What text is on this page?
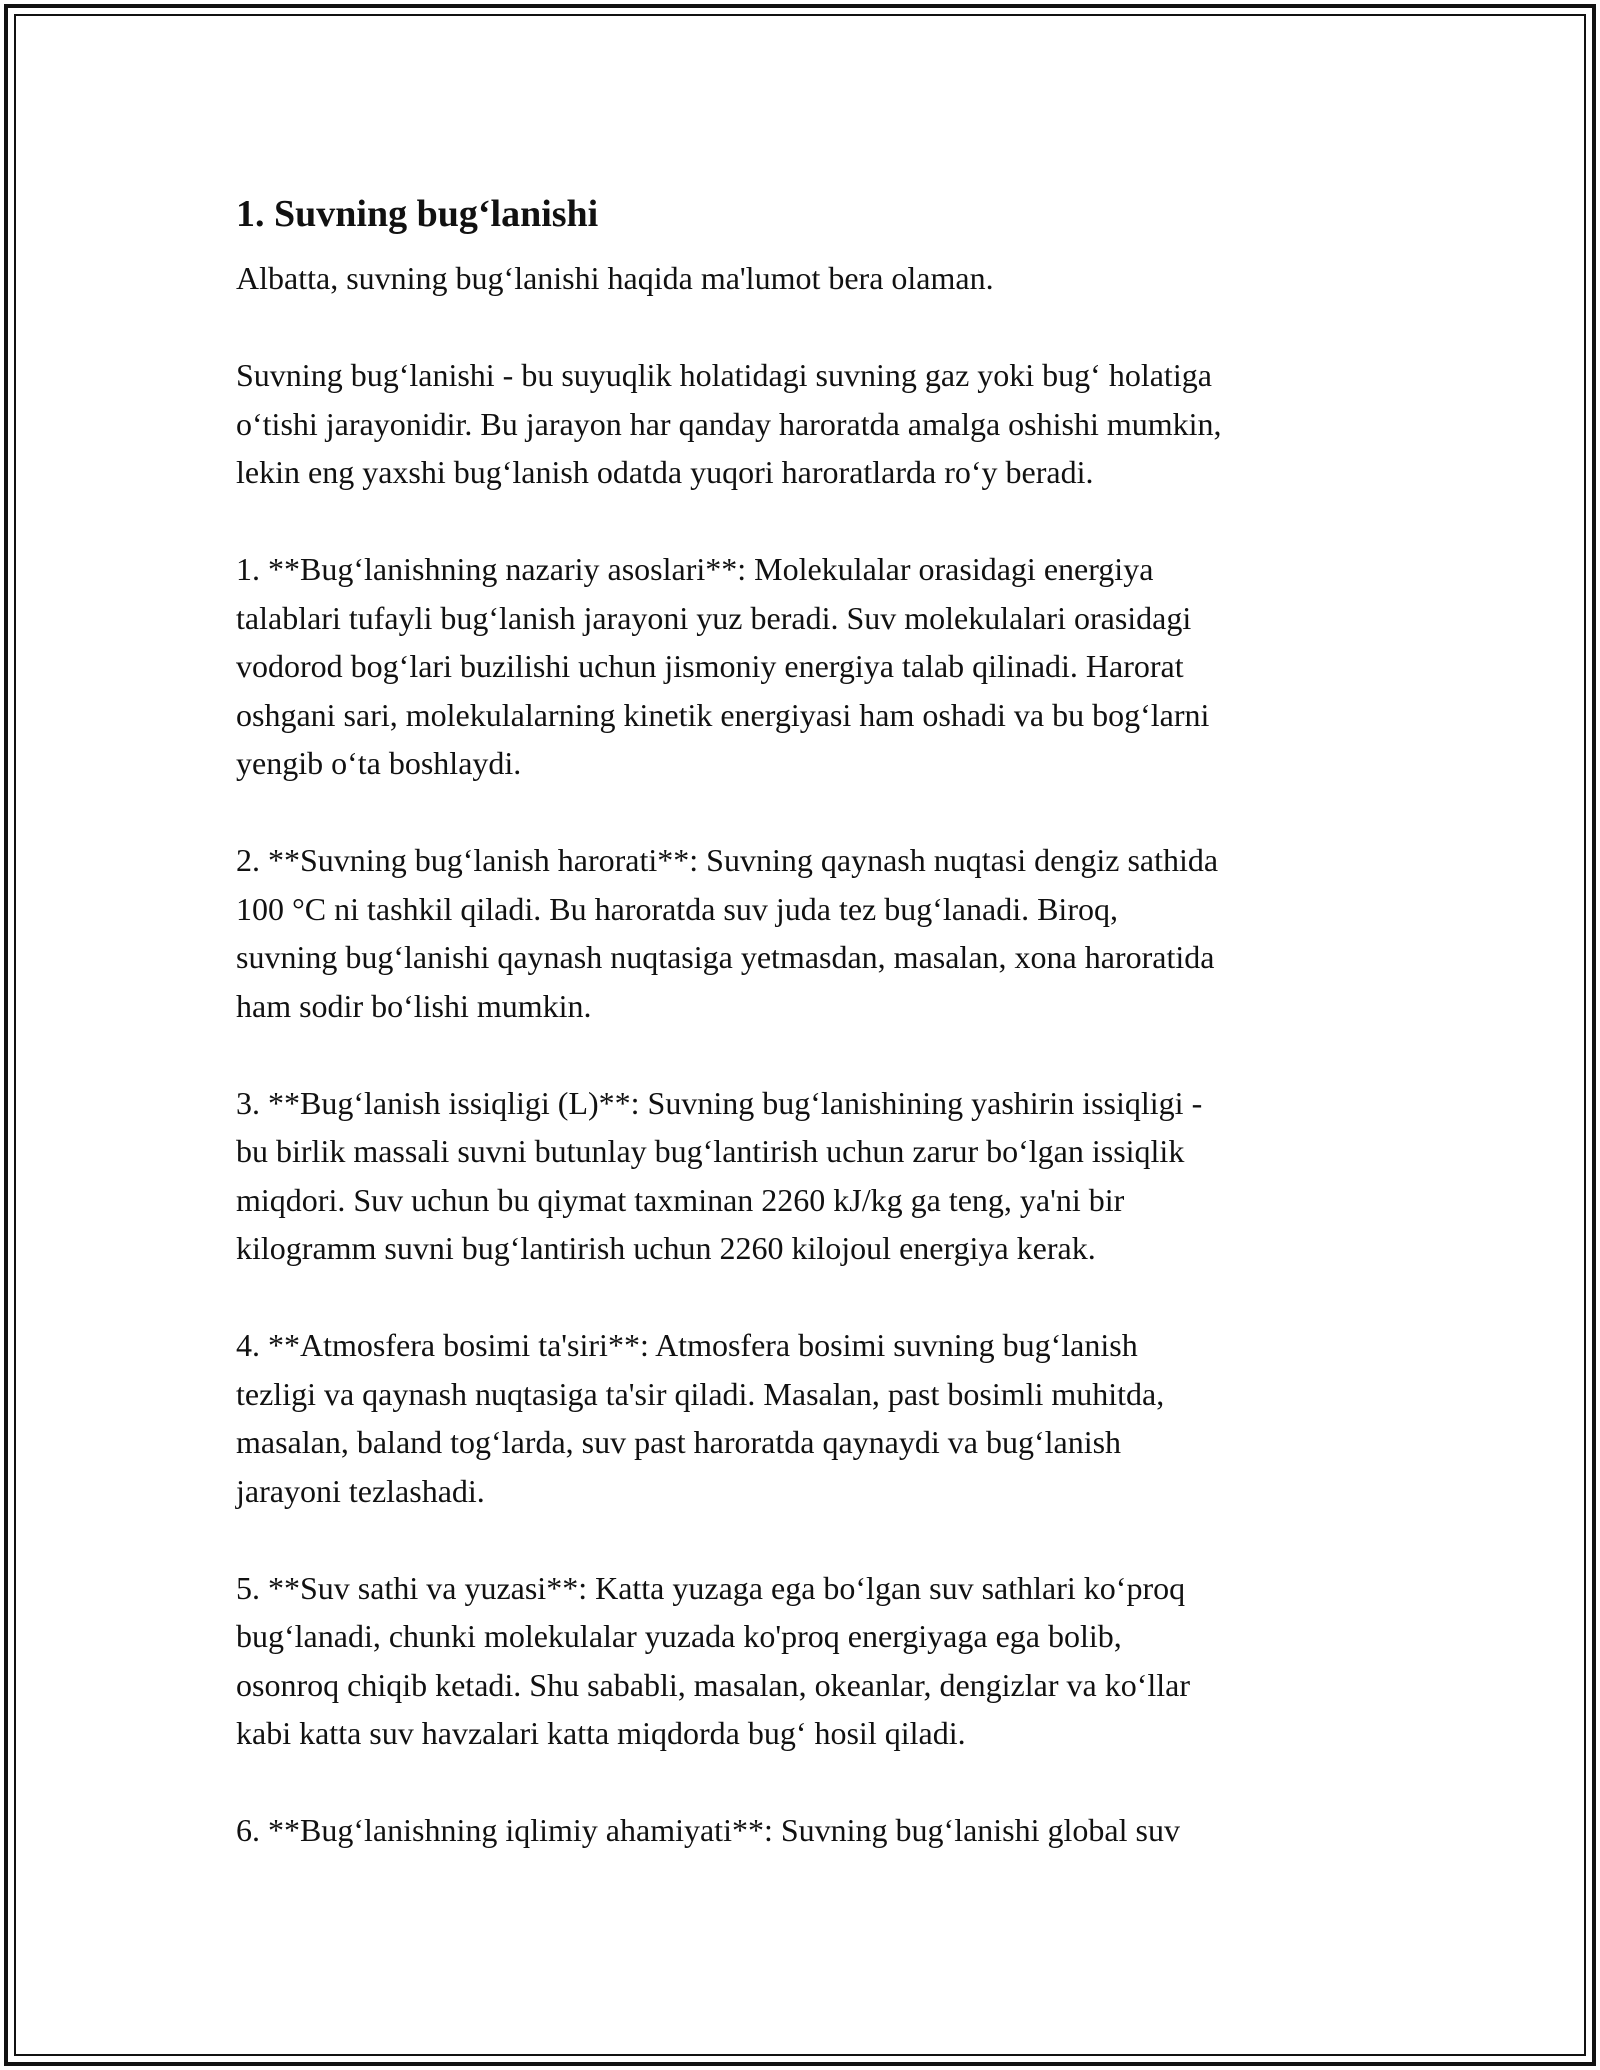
1. Suvning bug‘lanishi

Albatta, suvning bug‘lanishi haqida ma'lumot bera olaman.

Suvning bug‘lanishi - bu suyuqlik holatidagi suvning gaz yoki bug‘ holatiga
o‘tishi jarayonidir. Bu jarayon har qanday haroratda amalga oshishi mumkin,
lekin eng yaxshi bug‘lanish odatda yuqori haroratlarda ro‘y beradi.

1. **Bug‘lanishning nazariy asoslari**: Molekulalar orasidagi energiya
talablari tufayli bug‘lanish jarayoni yuz beradi. Suv molekulalari orasidagi
vodorod bog‘lari buzilishi uchun jismoniy energiya talab qilinadi. Harorat
oshgani sari, molekulalarning kinetik energiyasi ham oshadi va bu bog‘larni
yengib o‘ta boshlaydi.

2. **Suvning bug‘lanish harorati**: Suvning qaynash nuqtasi dengiz sathida
100 °C ni tashkil qiladi. Bu haroratda suv juda tez bug‘lanadi. Biroq,
suvning bug‘lanishi qaynash nuqtasiga yetmasdan, masalan, xona haroratida
ham sodir bo‘lishi mumkin.

3. **Bug‘lanish issiqligi (L)**: Suvning bug‘lanishining yashirin issiqligi -
bu birlik massali suvni butunlay bug‘lantirish uchun zarur bo‘lgan issiqlik
miqdori. Suv uchun bu qiymat taxminan 2260 kJ/kg ga teng, ya'ni bir
kilogramm suvni bug‘lantirish uchun 2260 kilojoul energiya kerak.

4. **Atmosfera bosimi ta'siri**: Atmosfera bosimi suvning bug‘lanish
tezligi va qaynash nuqtasiga ta'sir qiladi. Masalan, past bosimli muhitda,
masalan, baland tog‘larda, suv past haroratda qaynaydi va bug‘lanish
jarayoni tezlashadi.

5. **Suv sathi va yuzasi**: Katta yuzaga ega bo‘lgan suv sathlari ko‘proq
bug‘lanadi, chunki molekulalar yuzada ko'proq energiyaga ega bolib,
osonroq chiqib ketadi. Shu sababli, masalan, okeanlar, dengizlar va ko‘llar
kabi katta suv havzalari katta miqdorda bug‘ hosil qiladi.

6. **Bug‘lanishning iqlimiy ahamiyati**: Suvning bug‘lanishi global suv
